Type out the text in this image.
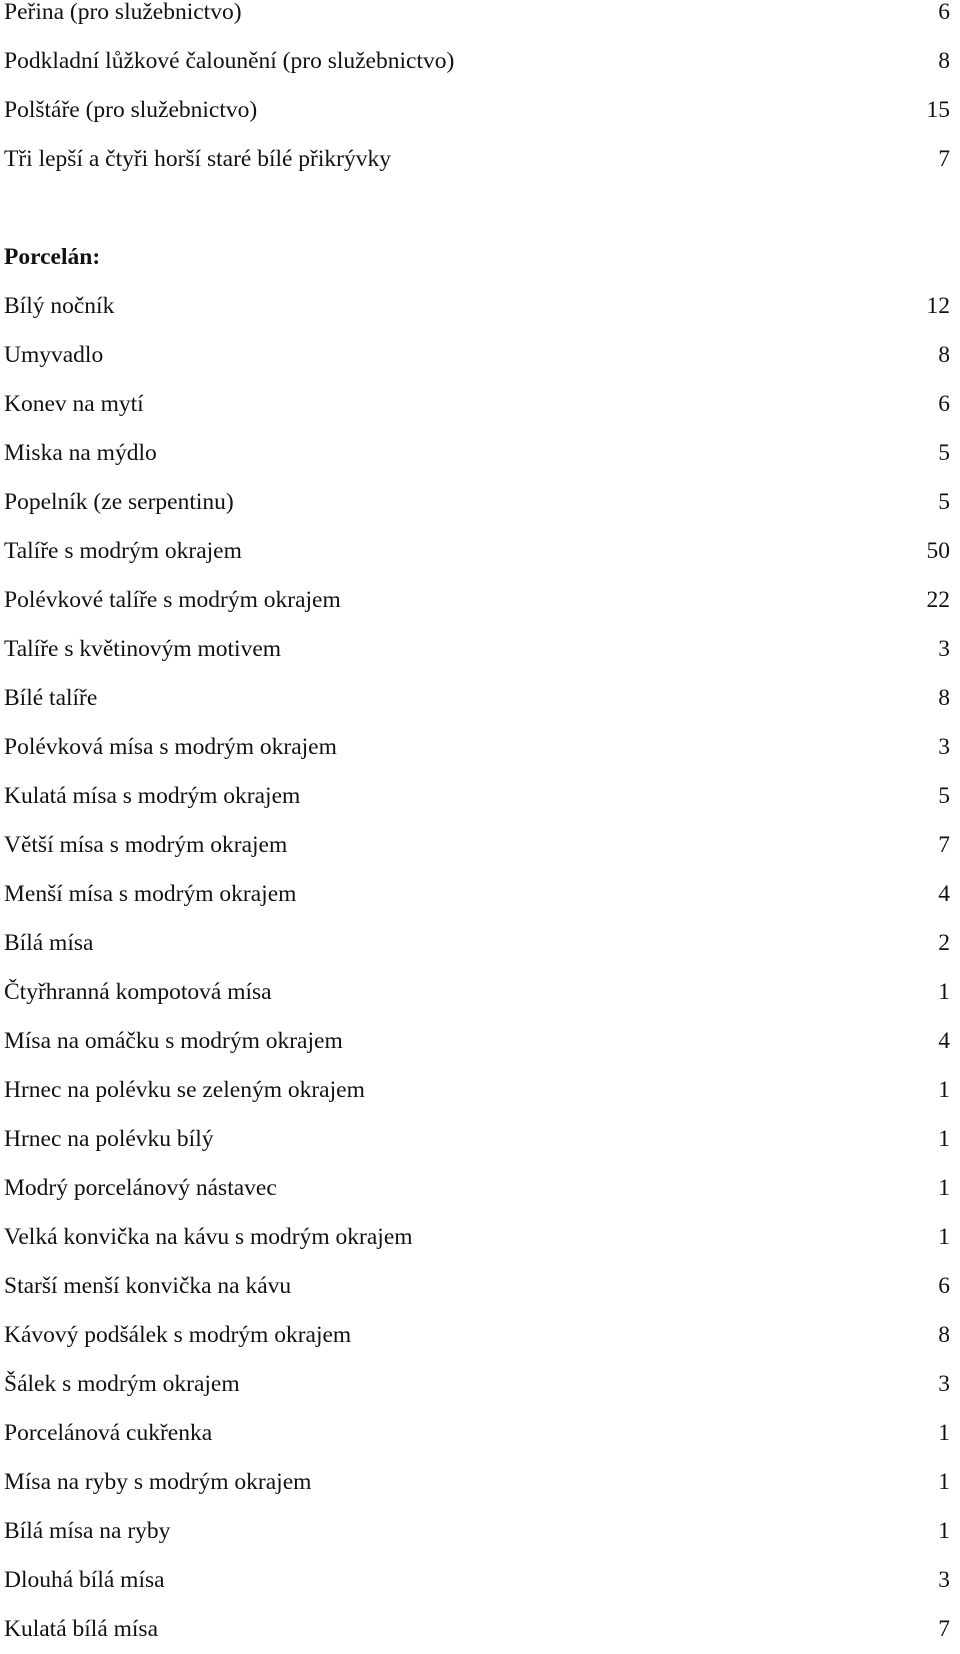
Peřina (pro služebnictvo)	6
Podkladní lůžkové čalounění (pro služebnictvo)	8
Polštáře (pro služebnictvo)	15
Tři lepší a čtyři horší staré bílé přikrývky	7
Porcelán:
Bílý nočník	12
Umyvadlo	8
Konev na mytí	6
Miska na mýdlo	5
Popelník (ze serpentinu)	5
Talíře s modrým okrajem	50
Polévkové talíře s modrým okrajem	22
Talíře s květinovým motivem	3
Bílé talíře	8
Polévková mísa s modrým okrajem	3
Kulatá mísa s modrým okrajem	5
Větší mísa s modrým okrajem	7
Menší mísa s modrým okrajem	4
Bílá mísa	2
Čtyřhranná kompotová mísa	1
Mísa na omáčku s modrým okrajem	4
Hrnec na polévku se zeleným okrajem	1
Hrnec na polévku bílý	1
Modrý porcelánový nástavec	1
Velká konvička na kávu s modrým okrajem	1
Starší menší konvička na kávu	6
Kávový podšálek s modrým okrajem	8
Šálek s modrým okrajem	3
Porcelánová cukřenka	1
Mísa na ryby s modrým okrajem	1
Bílá mísa na ryby	1
Dlouhá bílá mísa	3
Kulatá bílá mísa	7
